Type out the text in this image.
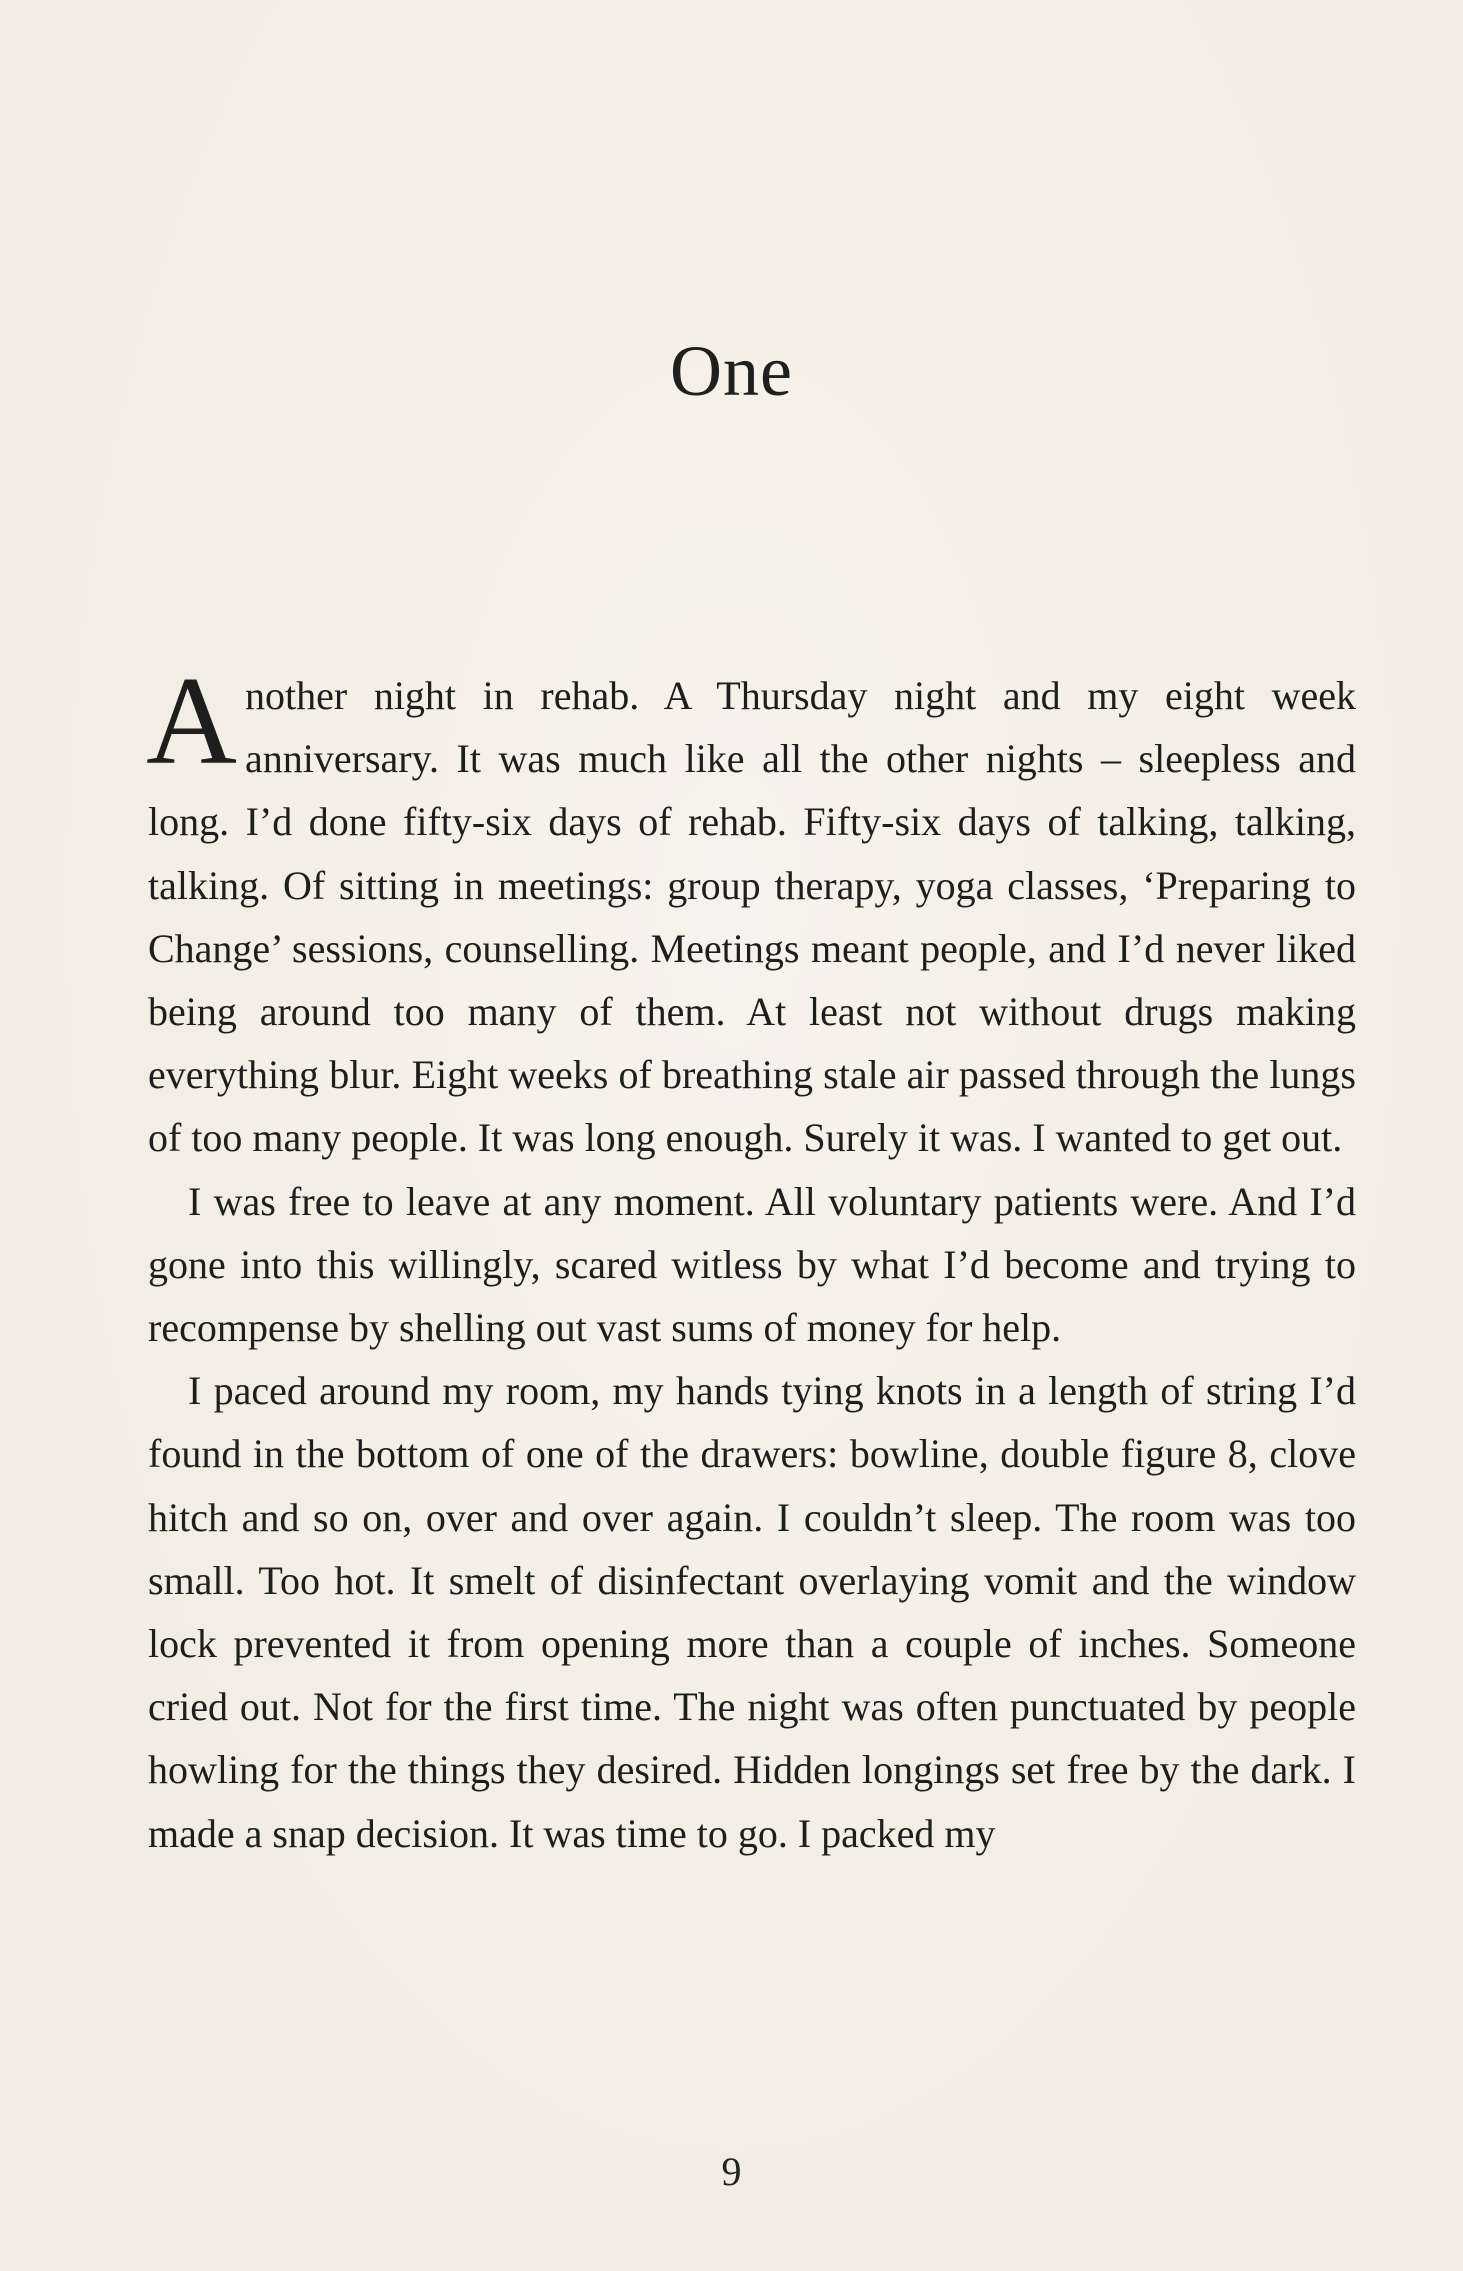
One

Another night in rehab. A Thursday night and my eight week anniversary. It was much like all the other nights – sleepless and long. I’d done fifty-six days of rehab. Fifty-six days of talking, talking, talking. Of sitting in meetings: group therapy, yoga classes, ‘Preparing to Change’ sessions, counselling. Meetings meant people, and I’d never liked being around too many of them. At least not without drugs making everything blur. Eight weeks of breathing stale air passed through the lungs of too many people. It was long enough. Surely it was. I wanted to get out.

I was free to leave at any moment. All voluntary patients were. And I’d gone into this willingly, scared witless by what I’d become and trying to recompense by shelling out vast sums of money for help.

I paced around my room, my hands tying knots in a length of string I’d found in the bottom of one of the drawers: bowline, double figure 8, clove hitch and so on, over and over again. I couldn’t sleep. The room was too small. Too hot. It smelt of disinfectant overlaying vomit and the window lock prevented it from opening more than a couple of inches. Someone cried out. Not for the first time. The night was often punctuated by people howling for the things they desired. Hidden longings set free by the dark. I made a snap decision. It was time to go. I packed my

9
